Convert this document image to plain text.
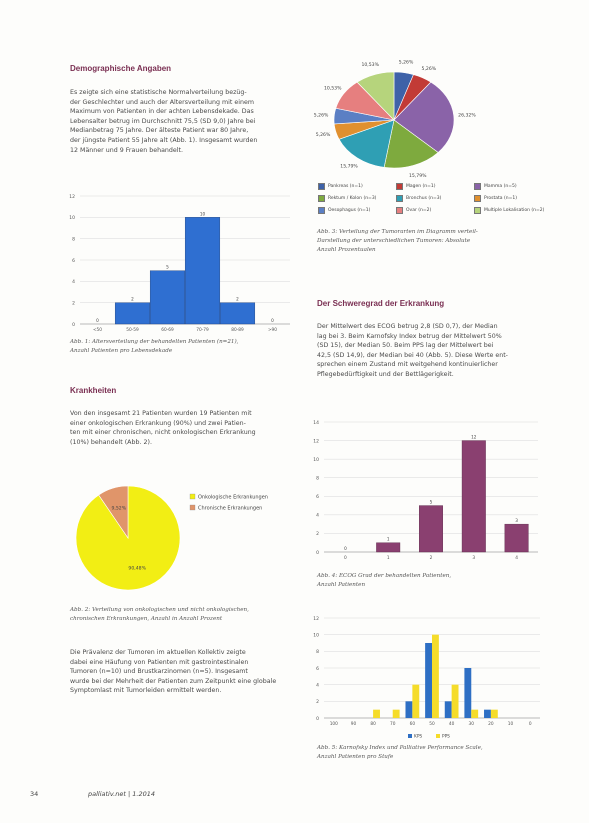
Demographische Angaben
Es zeigte sich eine statistische Normalverteilung bezüg-
der Geschlechter und auch der Altersverteilung mit einem
Maximum von Patienten in der achten Lebensdekade. Das
Lebensalter betrug im Durchschnitt 75,5 (SD 9,0) Jahre bei
Medianbetrag 75 Jahre. Der älteste Patient war 80 Jahre,
der jüngste Patient 55 Jahre alt (Abb. 1). Insgesamt wurden
12 Männer und 9 Frauen behandelt.
0
2
4
6
8
10
12
<50
0
50-59
2
60-69
5
70-79
10
80-89
2
>90
0
Abb. 1: Altersverteilung der behandelten Patienten (n=21),
Anzahl Patienten pro Lebensdekade
Krankheiten
Von den insgesamt 21 Patienten wurden 19 Patienten mit
einer onkologischen Erkrankung (90%) und zwei Patien-
ten mit einer chronischen, nicht onkologischen Erkrankung
(10%) behandelt (Abb. 2).
90,48%
9,52%
Onkologische Erkrankungen
Chronische Erkrankungen
Abb. 2: Verteilung von onkologischen und nicht onkologischen,
chronischen Erkrankungen, Anzahl in Anzahl Prozent
Die Prävalenz der Tumoren im aktuellen Kollektiv zeigte
dabei eine Häufung von Patienten mit gastrointestinalen
Tumoren (n=10) und Brustkarzinomen (n=5). Insgesamt
wurde bei der Mehrheit der Patienten zum Zeitpunkt eine globale
Symptomlast mit Tumorleiden ermittelt werden.
5,26%
5,26%
26,32%
15,79%
15,79%
5,26%
5,26%
10,53%
10,53%
Pankreas (n=1)	Magen (n=1)	Mamma (n=5)
Rektum / Kolon (n=3)	Bronchus (n=3)	Prostata (n=1)
Oesophagus (n=1)	Ovar (n=2)	Multiple Lokalisation (n=2)
Abb. 3: Verteilung der Tumorarten im Diagramm verteil-
Darstellung der unterschiedlichen Tumoren: Absolute
Anzahl Prozentualen
Der Schweregrad der Erkrankung
Der Mittelwert des ECOG betrug 2,8 (SD 0,7), der Median
lag bei 3. Beim Karnofsky Index betrug der Mittelwert 50%
(SD 15), der Median 50. Beim PPS lag der Mittelwert bei
42,5 (SD 14,9), der Median bei 40 (Abb. 5). Diese Werte ent-
sprechen einem Zustand mit weitgehend kontinuierlicher
Pflegebedürftigkeit und der Bettlägerigkeit.
0
2
4
6
8
10
12
14
0
0
1
1
2
5
3
12
4
3
Abb. 4: ECOG Grad der behandelten Patienten,
Anzahl Patienten
0
2
4
6
8
10
12
100	90	80	70	60	50	40	30	20	10	0
KPS	PPS
Abb. 5: Karnofsky Index und Palliative Performance Scale,
Anzahl Patienten pro Stufe
34	palliativ.net | 1.2014
